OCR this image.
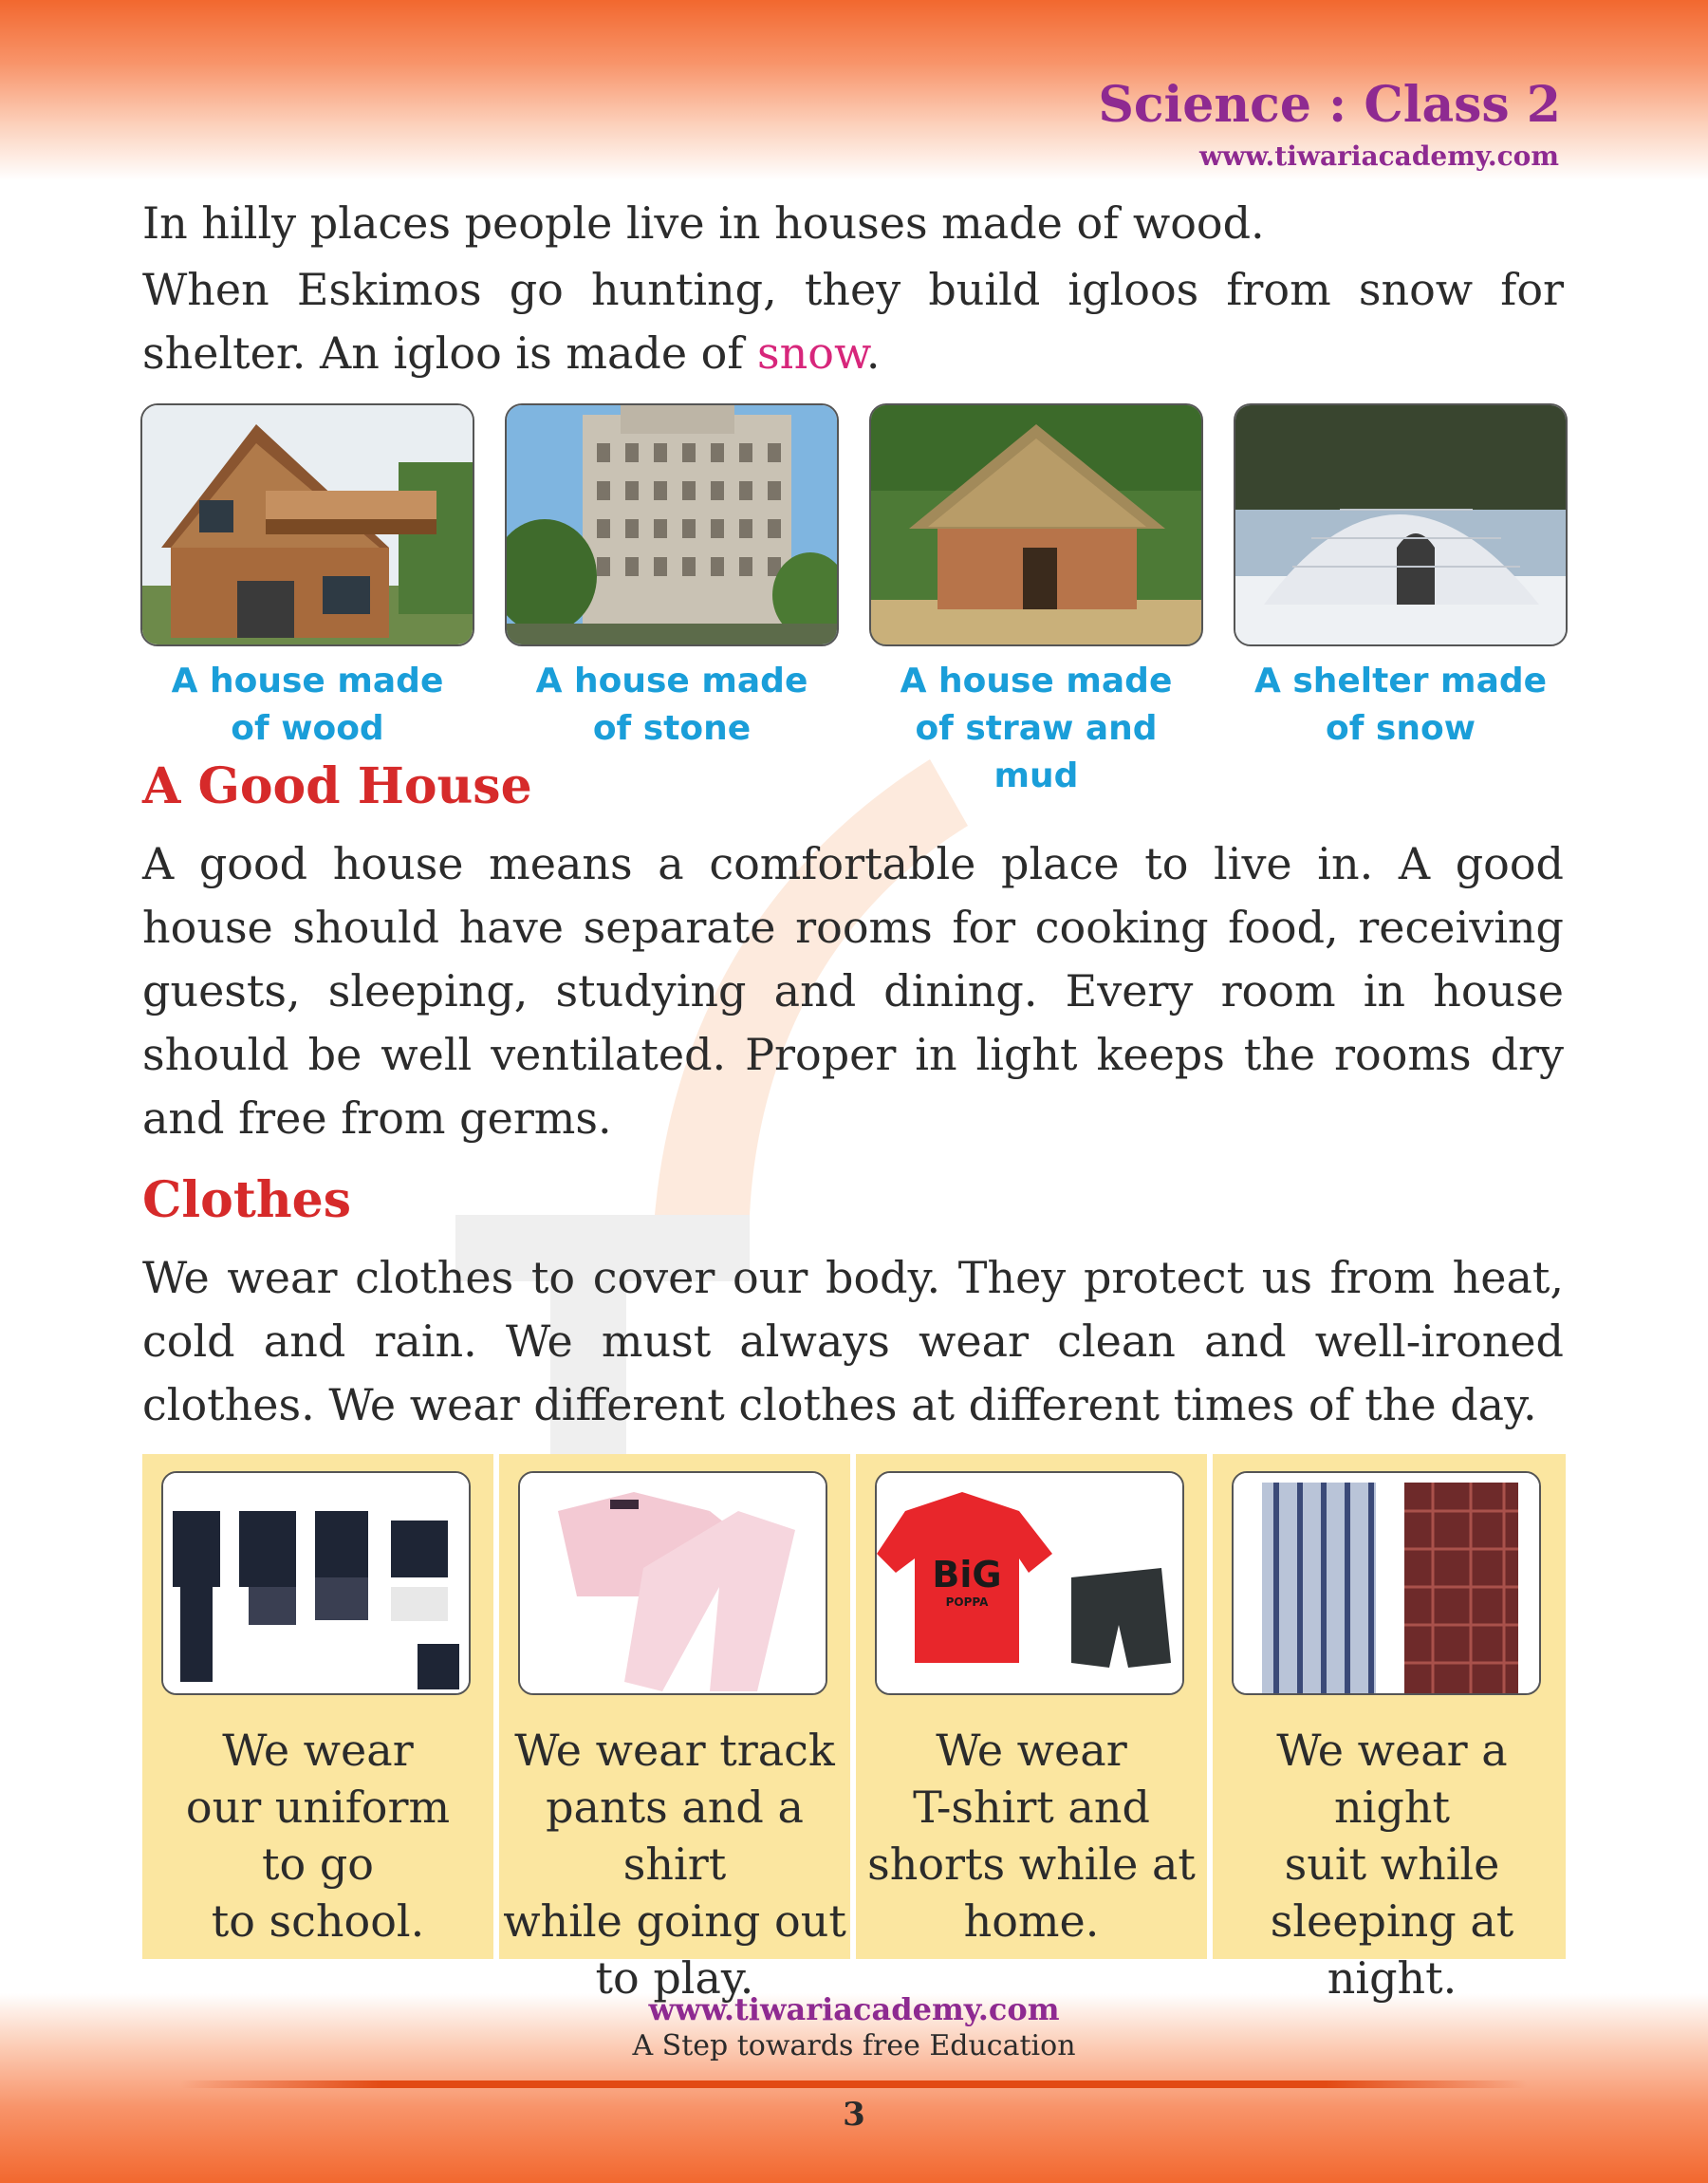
Science : Class 2
www.tiwariacademy.com
In hilly places people live in houses made of wood.
When Eskimos go hunting, they build igloos from snow for shelter. An igloo is made of snow.
A house made
of wood
A house made
of stone
A house made
of straw and mud
A shelter made
of snow
A Good House
A good house means a comfortable place to live in. A good house should have separate rooms for cooking food, receiving guests, sleeping, studying and dining. Every room in house should be well ventilated. Proper in light keeps the rooms dry and free from germs.
Clothes
We wear clothes to cover our body. They protect us from heat, cold and rain. We must always wear clean and well-ironed clothes. We wear different clothes at different times of the day.
We wear
our uniform
to go
to school.
We wear track
pants and a shirt
while going out
to play.
BiG
POPPA
We wear
T-shirt and
shorts while at
home.
We wear a night
suit while
sleeping at
night.
www.tiwariacademy.com
A Step towards free Education
3
